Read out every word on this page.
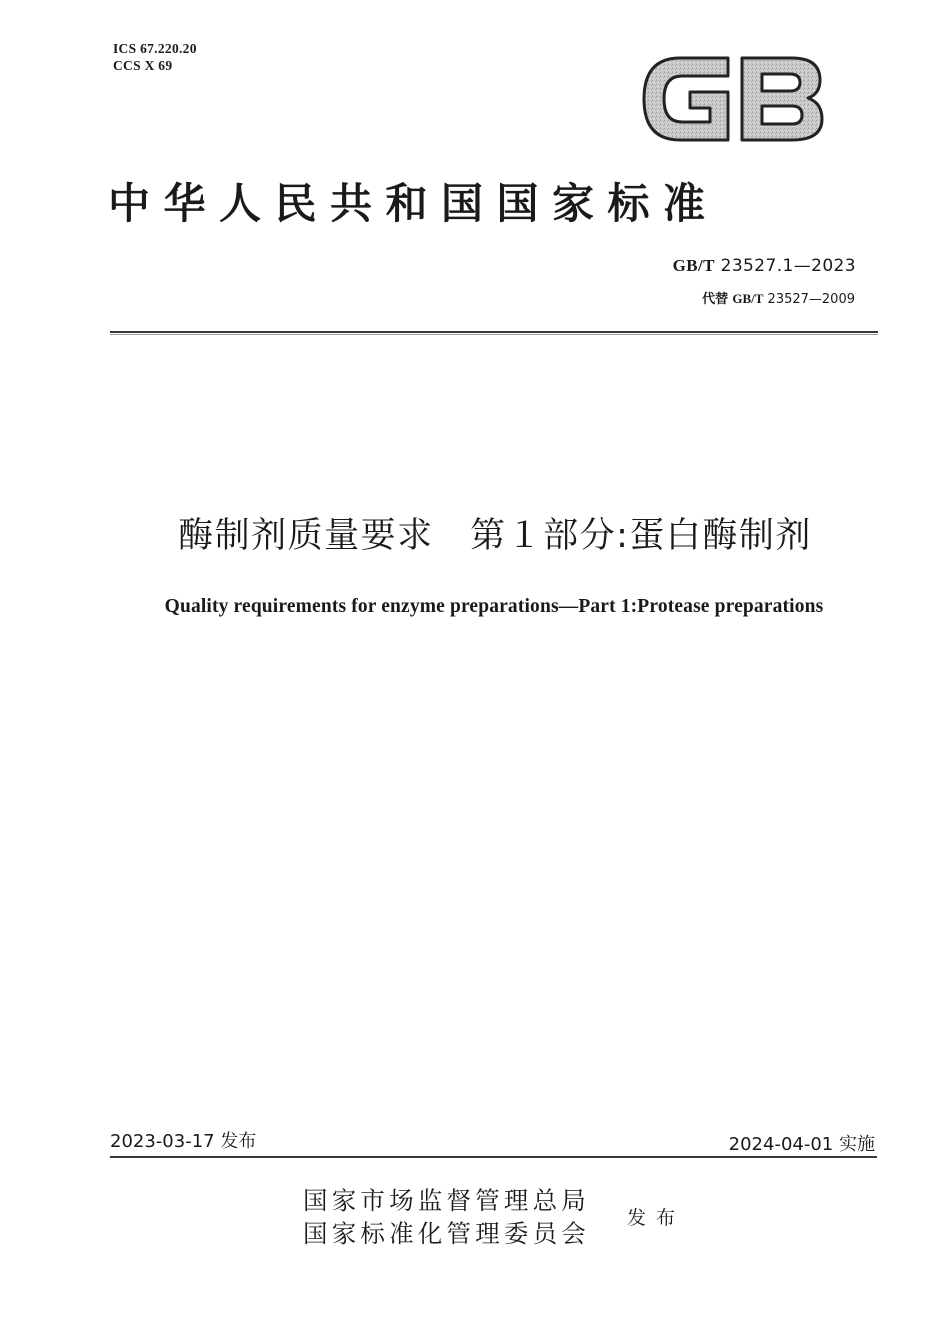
ICS 67.220.20
CCS X 69
中华人民共和国国家标准
GB/T 23527.1—2023
代替 GB/T 23527—2009
酶制剂质量要求　第１部分:蛋白酶制剂
Quality requirements for enzyme preparations—Part 1:Protease preparations
2023-03-17 发布	2024-04-01 实施
国家市场监督管理总局
国家标准化管理委员会
发布
